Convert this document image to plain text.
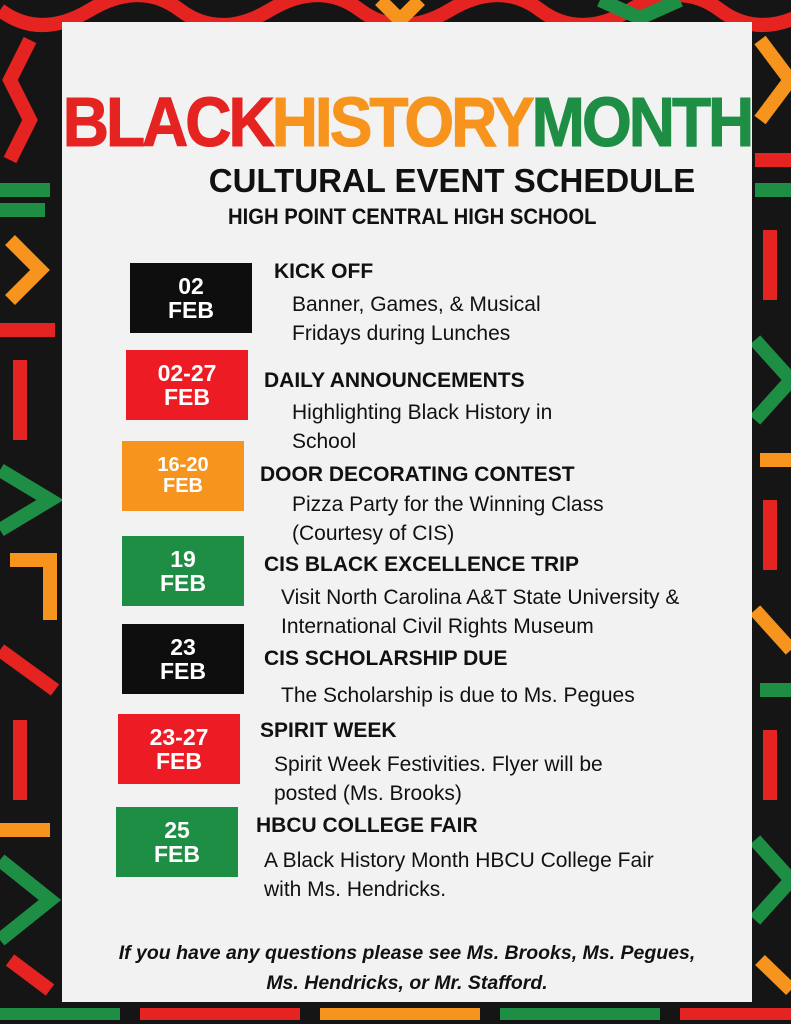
BLACKHISTORYMONTH
CULTURAL EVENT SCHEDULE
HIGH POINT CENTRAL HIGH SCHOOL
02
FEB
KICK OFF
Banner, Games, & Musical
Fridays during Lunches
02-27
FEB
DAILY ANNOUNCEMENTS
Highlighting Black History in
School
16-20
FEB	DOOR DECORATING CONTEST
Pizza Party for the Winning Class
(Courtesy of CIS)
19
FEB
CIS BLACK EXCELLENCE TRIP
Visit North Carolina A&T State University &
International Civil Rights Museum
23
FEB	CIS SCHOLARSHIP DUE
The Scholarship is due to Ms. Pegues
23-27
FEB
SPIRIT WEEK
Spirit Week Festivities. Flyer will be
posted (Ms. Brooks)
25
FEB
HBCU COLLEGE FAIR
A Black History Month HBCU College Fair
with Ms. Hendricks.
If you have any questions please see Ms. Brooks, Ms. Pegues,
Ms. Hendricks, or Mr. Stafford.
